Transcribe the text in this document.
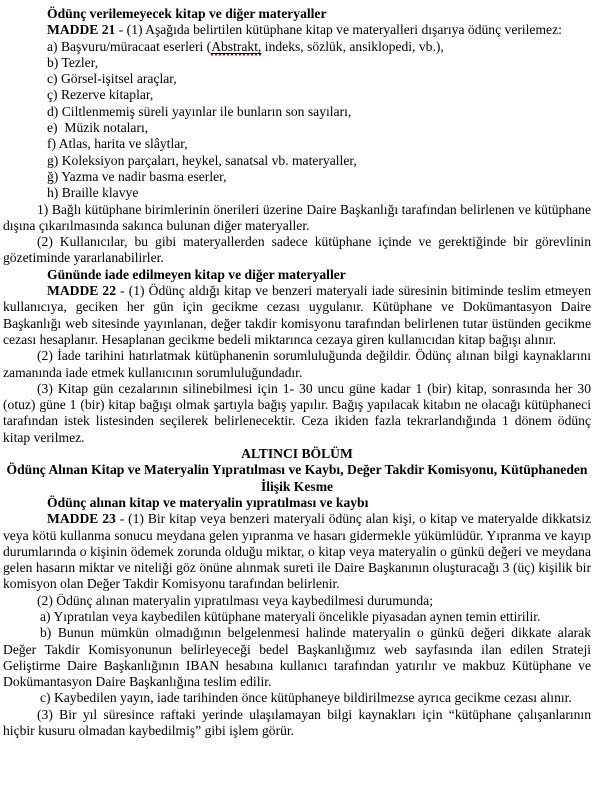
Ödünç verilemeyecek kitap ve diğer materyaller

MADDE 21 - (1) Aşağıda belirtilen kütüphane kitap ve materyalleri dışarıya ödünç verilemez:

a) Başvuru/müracaat eserleri (Abstrakt, indeks, sözlük, ansiklopedi, vb.),

b) Tezler,

c) Görsel-işitsel araçlar,

ç) Rezerve kitaplar,

d) Ciltlenmemiş süreli yayınlar ile bunların son sayıları,

e)  Müzik notaları,

f) Atlas, harita ve slâytlar,

g) Koleksiyon parçaları, heykel, sanatsal vb. materyaller,

ğ) Yazma ve nadir basma eserler,

h) Braille klavye

1) Bağlı kütüphane birimlerinin önerileri üzerine Daire Başkanlığı tarafından belirlenen ve kütüphane dışına çıkarılmasında sakınca bulunan diğer materyaller.

(2) Kullanıcılar, bu gibi materyallerden sadece kütüphane içinde ve gerektiğinde bir görevlinin gözetiminde yararlanabilirler.

Gününde iade edilmeyen kitap ve diğer materyaller

MADDE 22 - (1) Ödünç aldığı kitap ve benzeri materyali iade süresinin bitiminde teslim etmeyen kullanıcıya, geciken her gün için gecikme cezası uygulanır. Kütüphane ve Dokümantasyon Daire Başkanlığı web sitesinde yayınlanan, değer takdir komisyonu tarafından belirlenen tutar üstünden gecikme cezası hesaplanır. Hesaplanan gecikme bedeli miktarınca cezaya giren kullanıcıdan kitap bağışı alınır.

(2) İade tarihini hatırlatmak kütüphanenin sorumluluğunda değildir. Ödünç alınan bilgi kaynaklarını zamanında iade etmek kullanıcının sorumluluğundadır.

(3) Kitap gün cezalarının silinebilmesi için 1- 30 uncu güne kadar 1 (bir) kitap, sonrasında her 30 (otuz) güne 1 (bir) kitap bağışı olmak şartıyla bağış yapılır. Bağış yapılacak kitabın ne olacağı kütüphaneci tarafından istek listesinden seçilerek belirlenecektir. Ceza ikiden fazla tekrarlandığında 1 dönem ödünç kitap verilmez.

ALTINCI BÖLÜM

Ödünç Alınan Kitap ve Materyalin Yıpratılması ve Kaybı, Değer Takdir Komisyonu, Kütüphaneden İlişik Kesme

Ödünç alınan kitap ve materyalin yıpratılması ve kaybı

MADDE 23 - (1) Bir kitap veya benzeri materyali ödünç alan kişi, o kitap ve materyalde dikkatsiz veya kötü kullanma sonucu meydana gelen yıpranma ve hasarı gidermekle yükümlüdür. Yıpranma ve kayıp durumlarında o kişinin ödemek zorunda olduğu miktar, o kitap veya materyalin o günkü değeri ve meydana gelen hasarın miktar ve niteliği göz önüne alınmak sureti ile Daire Başkanının oluşturacağı 3 (üç) kişilik bir komisyon olan Değer Takdir Komisyonu tarafından belirlenir.

(2) Ödünç alınan materyalin yıpratılması veya kaybedilmesi durumunda;

a) Yıpratılan veya kaybedilen kütüphane materyali öncelikle piyasadan aynen temin ettirilir.

b) Bunun mümkün olmadığının belgelenmesi halinde materyalin o günkü değeri dikkate alarak Değer Takdir Komisyonunun belirleyeceği bedel Başkanlığımız web sayfasında ilan edilen Strateji Geliştirme Daire Başkanlığının IBAN hesabına kullanıcı tarafından yatırılır ve makbuz Kütüphane ve Dokümantasyon Daire Başkanlığına teslim edilir.

c) Kaybedilen yayın, iade tarihinden önce kütüphaneye bildirilmezse ayrıca gecikme cezası alınır.

(3) Bir yıl süresince raftaki yerinde ulaşılamayan bilgi kaynakları için “kütüphane çalışanlarının hiçbir kusuru olmadan kaybedilmiş” gibi işlem görür.
